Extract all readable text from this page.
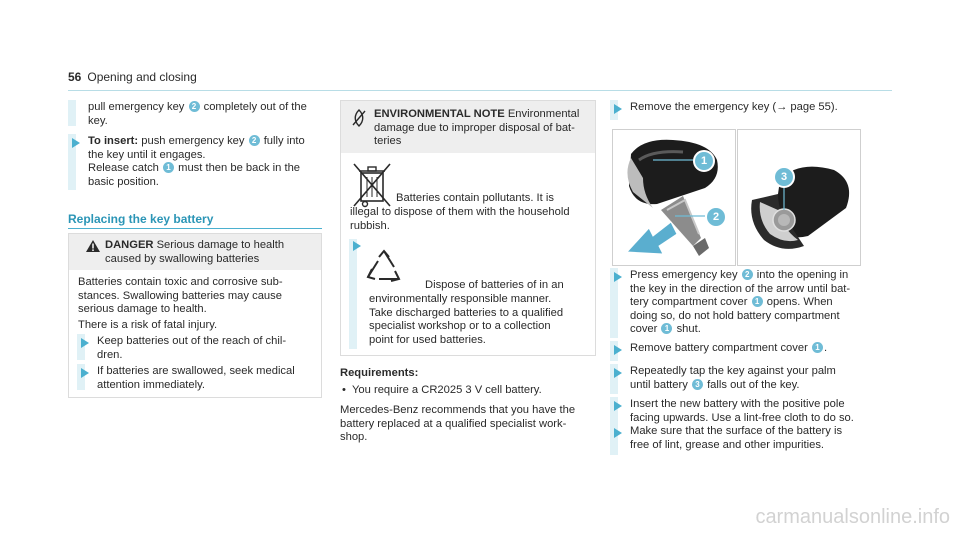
56 Opening and closing

pull emergency key 2 completely out of the

key.

To insert: push emergency key 2 fully into

the key until it engages.

Release catch 1 must then be back in the

basic position.

Replacing the key battery

DANGER Serious damage to health

caused by swallowing batteries

Batteries contain toxic and corrosive sub-

stances. Swallowing batteries may cause

serious damage to health.

There is a risk of fatal injury.

Keep batteries out of the reach of chil-

dren.

If batteries are swallowed, seek medical

attention immediately.

ENVIRONMENTAL NOTE Environmental

damage due to improper disposal of bat-

teries

Batteries contain pollutants. It is

illegal to dispose of them with the household

rubbish.

Dispose of batteries of in an

environmentally responsible manner.

Take discharged batteries to a qualified

specialist workshop or to a collection

point for used batteries.

Requirements:

• You require a CR2025 3 V cell battery.

Mercedes-Benz recommends that you have the

battery replaced at a qualified specialist work-

shop.

Remove the emergency key (→ page 55).

1
2
3

Press emergency key 2 into the opening in

the key in the direction of the arrow until bat-

tery compartment cover 1 opens. When

doing so, do not hold battery compartment

cover 1 shut.

Remove battery compartment cover 1 .

Repeatedly tap the key against your palm

until battery 3 falls out of the key.

Insert the new battery with the positive pole

facing upwards. Use a lint-free cloth to do so.

Make sure that the surface of the battery is

free of lint, grease and other impurities.

carmanualsonline.info
